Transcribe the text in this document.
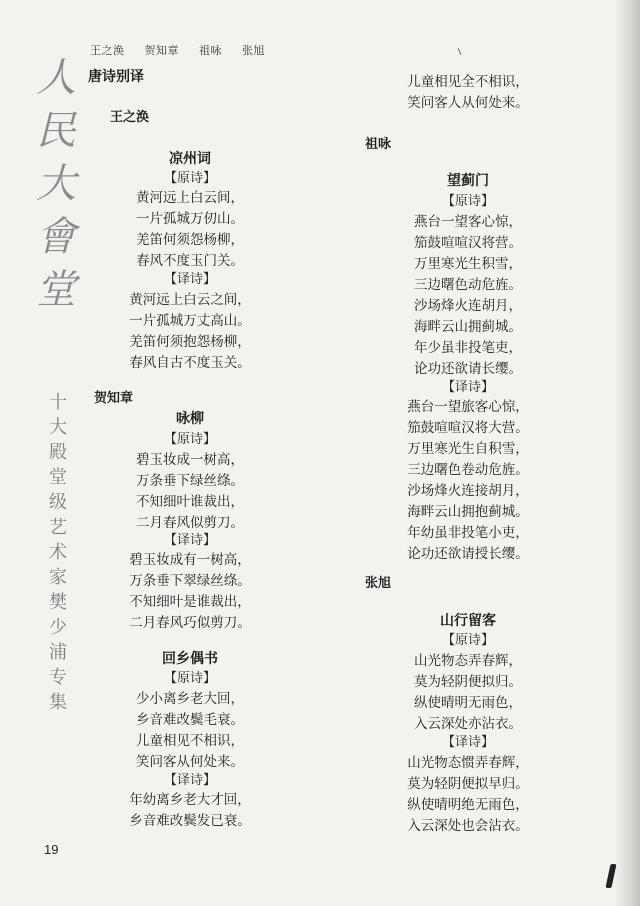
王之涣 贺知章 祖咏 张旭
人
民
大
會
堂
十
大
殿
堂
级
艺
术
家
樊
少
浦
专
集
唐诗别译
王之涣
凉州词
【原诗】
黄河远上白云间，
一片孤城万仞山。
羌笛何须怨杨柳，
春风不度玉门关。
【译诗】
黄河远上白云之间，
一片孤城万丈高山。
羌笛何须抱怨杨柳，
春风自古不度玉关。
贺知章
咏柳
【原诗】
碧玉妆成一树高，
万条垂下绿丝绦。
不知细叶谁裁出，
二月春风似剪刀。
【译诗】
碧玉妆成有一树高，
万条垂下翠绿丝绦。
不知细叶是谁裁出，
二月春风巧似剪刀。
回乡偶书
【原诗】
少小离乡老大回，
乡音难改鬓毛衰。
儿童相见不相识，
笑问客从何处来。
【译诗】
年幼离乡老大才回，
乡音难改鬓发已衰。
儿童相见全不相识，
笑问客人从何处来。
祖咏
望蓟门
【原诗】
燕台一望客心惊，
笳鼓喧喧汉将营。
万里寒光生积雪，
三边曙色动危旌。
沙场烽火连胡月，
海畔云山拥蓟城。
年少虽非投笔吏，
论功还欲请长缨。
【译诗】
燕台一望旅客心惊，
笳鼓喧喧汉将大营。
万里寒光生自积雪，
三边曙色卷动危旌。
沙场烽火连接胡月，
海畔云山拥抱蓟城。
年幼虽非投笔小吏，
论功还欲请授长缨。
张旭
山行留客
【原诗】
山光物态弄春辉，
莫为轻阴便拟归。
纵使晴明无雨色，
入云深处亦沾衣。
【译诗】
山光物态惯弄春辉，
莫为轻阴便拟早归。
纵使晴明绝无雨色，
入云深处也会沾衣。
19
